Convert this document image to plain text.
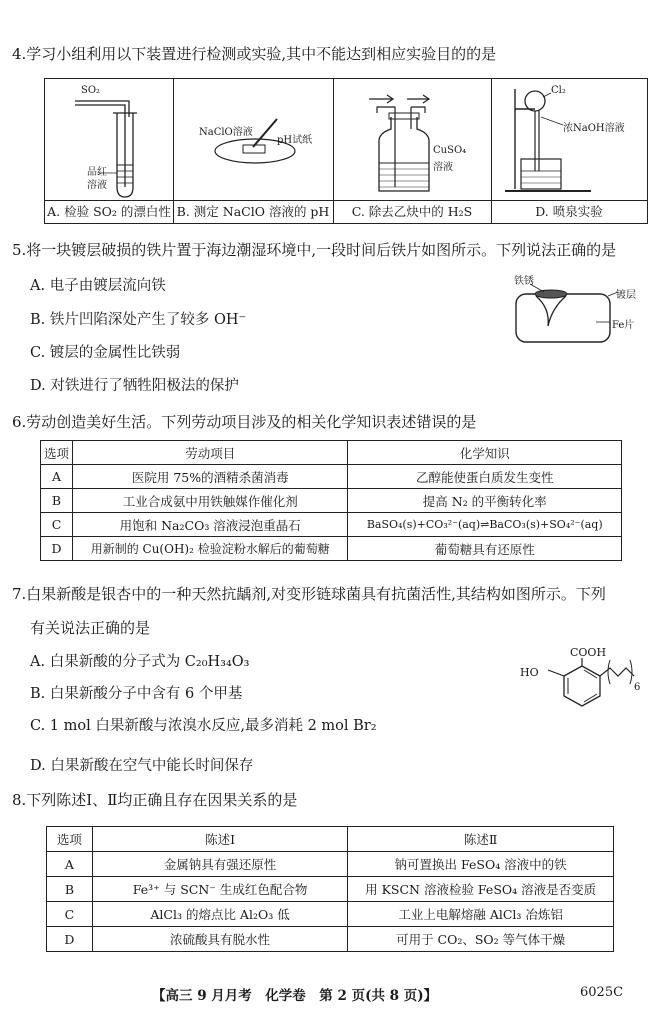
4.学习小组利用以下装置进行检测或实验,其中不能达到相应实验目的的是
SO₂
品红
溶液
A. 检验 SO₂ 的漂白性
NaClO溶液
pH试纸
B. 测定 NaClO 溶液的 pH
CuSO₄
溶液
C. 除去乙炔中的 H₂S
Cl₂
浓NaOH溶液
D. 喷泉实验
5.将一块镀层破损的铁片置于海边潮湿环境中,一段时间后铁片如图所示。下列说法正确的是
A. 电子由镀层流向铁
B. 铁片凹陷深处产生了较多 OH⁻
C. 镀层的金属性比铁弱
D. 对铁进行了牺牲阳极法的保护
铁锈
镀层
Fe片
6.劳动创造美好生活。下列劳动项目涉及的相关化学知识表述错误的是
选项	劳动项目	化学知识
A	医院用 75%的酒精杀菌消毒	乙醇能使蛋白质发生变性
B	工业合成氨中用铁触媒作催化剂	提高 N₂ 的平衡转化率
C	用饱和 Na₂CO₃ 溶液浸泡重晶石	BaSO₄(s)+CO₃²⁻(aq)⇌BaCO₃(s)+SO₄²⁻(aq)
D	用新制的 Cu(OH)₂ 检验淀粉水解后的葡萄糖	葡萄糖具有还原性
7.白果新酸是银杏中的一种天然抗龋剂,对变形链球菌具有抗菌活性,其结构如图所示。下列
有关说法正确的是
A. 白果新酸的分子式为 C₂₀H₃₄O₃
B. 白果新酸分子中含有 6 个甲基
C. 1 mol 白果新酸与浓溴水反应,最多消耗 2 mol Br₂
D. 白果新酸在空气中能长时间保存
COOH
HO
6
8.下列陈述Ⅰ、Ⅱ均正确且存在因果关系的是
选项	陈述Ⅰ	陈述Ⅱ
A	金属钠具有强还原性	钠可置换出 FeSO₄ 溶液中的铁
B	Fe³⁺ 与 SCN⁻ 生成红色配合物	用 KSCN 溶液检验 FeSO₄ 溶液是否变质
C	AlCl₃ 的熔点比 Al₂O₃ 低	工业上电解熔融 AlCl₃ 冶炼铝
D	浓硫酸具有脱水性	可用于 CO₂、SO₂ 等气体干燥
【高三 9 月月考　化学卷　第 2 页(共 8 页)】	6025C
